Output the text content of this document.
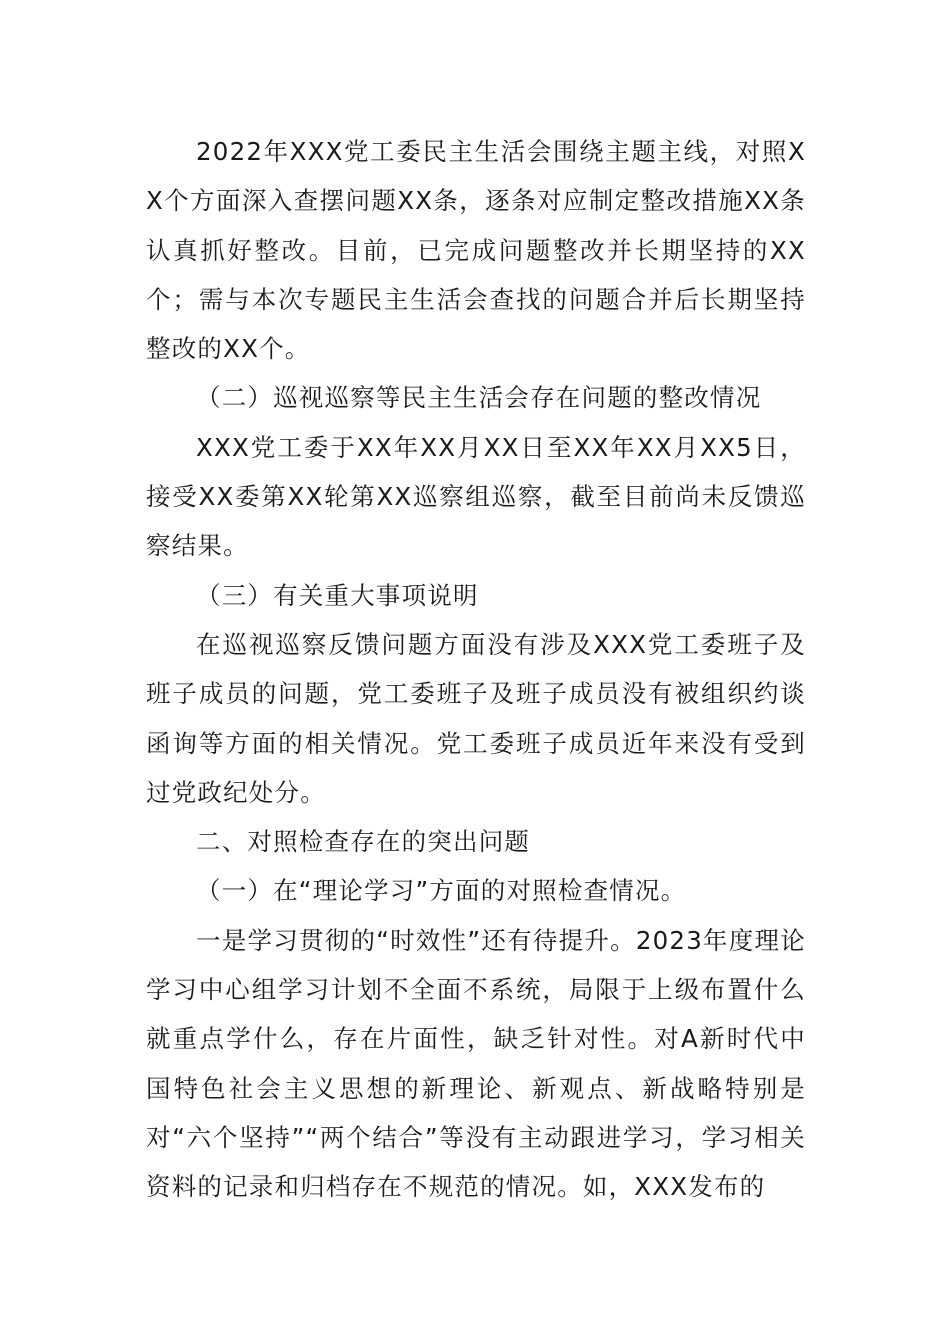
2022年XXX党工委民主生活会围绕主题主线，对照XX个方面深入查摆问题XX条，逐条对应制定整改措施XX条认真抓好整改。目前，已完成问题整改并长期坚持的XX个；需与本次专题民主生活会查找的问题合并后长期坚持整改的XX个。

（二）巡视巡察等民主生活会存在问题的整改情况

XXX党工委于XX年XX月XX日至XX年XX月XX5日，接受XX委第XX轮第XX巡察组巡察，截至目前尚未反馈巡察结果。

（三）有关重大事项说明

在巡视巡察反馈问题方面没有涉及XXX党工委班子及班子成员的问题，党工委班子及班子成员没有被组织约谈函询等方面的相关情况。党工委班子成员近年来没有受到过党政纪处分。

二、对照检查存在的突出问题

（一）在“理论学习”方面的对照检查情况。

一是学习贯彻的“时效性”还有待提升。2023年度理论学习中心组学习计划不全面不系统，局限于上级布置什么就重点学什么，存在片面性，缺乏针对性。对A新时代中国特色社会主义思想的新理论、新观点、新战略特别是对“六个坚持”“两个结合”等没有主动跟进学习，学习相关资料的记录和归档存在不规范的情况。如，XXX发布的
